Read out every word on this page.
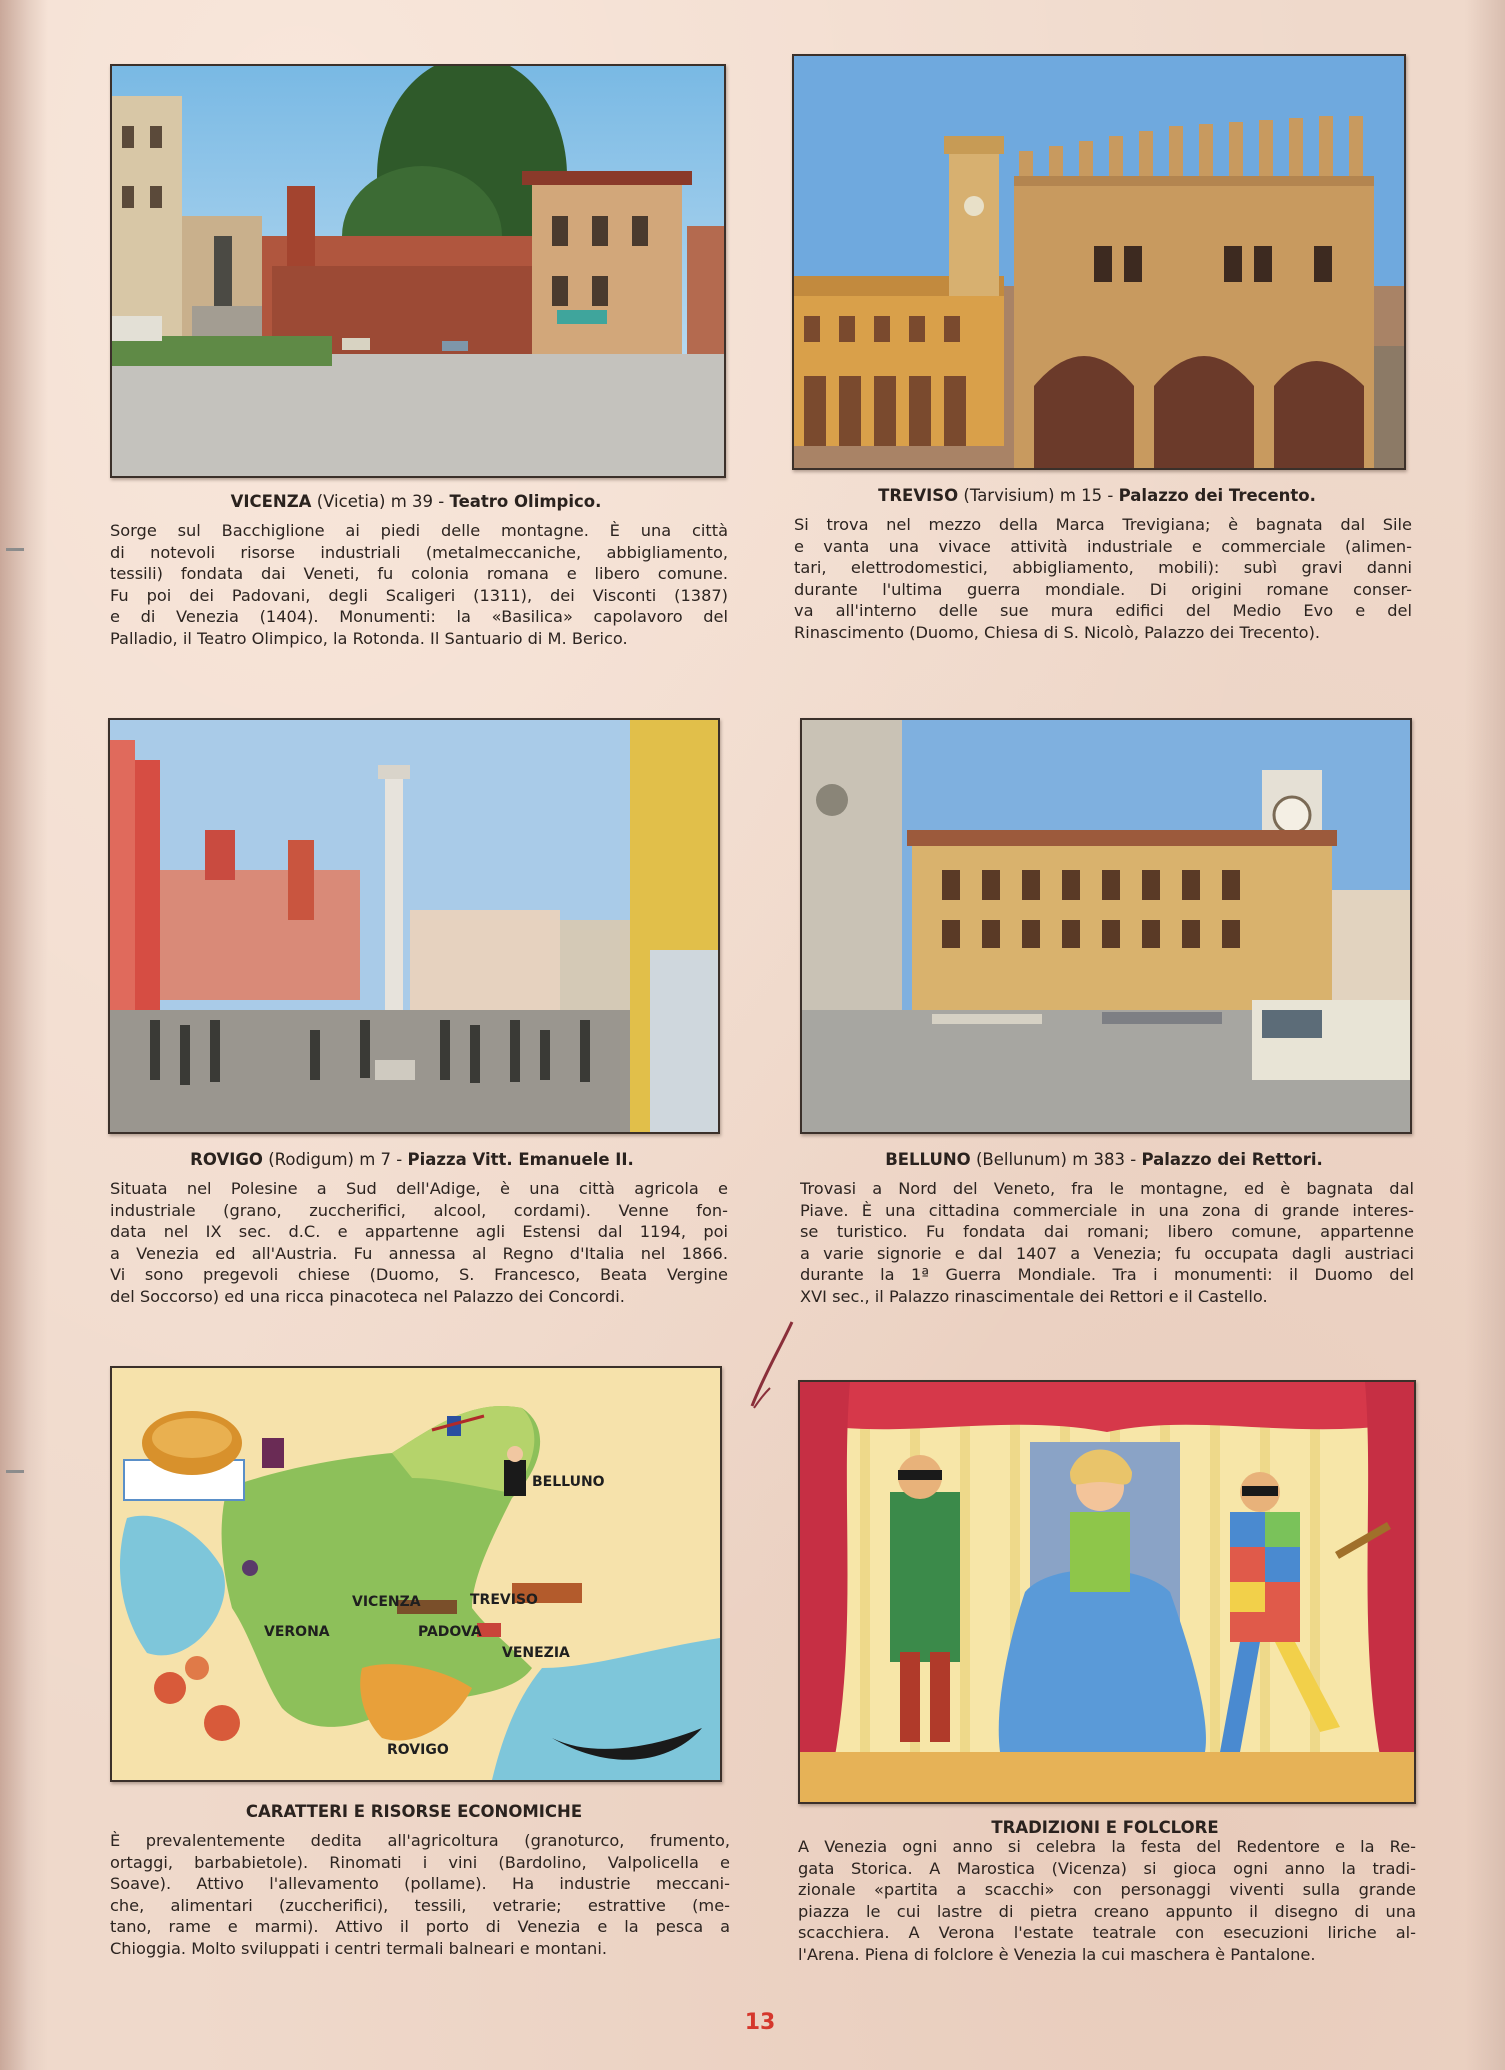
VICENZA (Vicetia) m 39 - Teatro Olimpico.
Sorge sul Bacchiglione ai piedi delle montagne. È una città
di notevoli risorse industriali (metalmeccaniche, abbigliamento,
tessili) fondata dai Veneti, fu colonia romana e libero comune.
Fu poi dei Padovani, degli Scaligeri (1311), dei Visconti (1387)
e di Venezia (1404). Monumenti: la «Basilica» capolavoro del
Palladio, il Teatro Olimpico, la Rotonda. Il Santuario di M. Berico.
TREVISO (Tarvisium) m 15 - Palazzo dei Trecento.
Si trova nel mezzo della Marca Trevigiana; è bagnata dal Sile
e vanta una vivace attività industriale e commerciale (alimen-
tari, elettrodomestici, abbigliamento, mobili): subì gravi danni
durante l'ultima guerra mondiale. Di origini romane conser-
va all'interno delle sue mura edifici del Medio Evo e del
Rinascimento (Duomo, Chiesa di S. Nicolò, Palazzo dei Trecento).
ROVIGO (Rodigum) m 7 - Piazza Vitt. Emanuele II.
Situata nel Polesine a Sud dell'Adige, è una città agricola e
industriale (grano, zuccherifici, alcool, cordami). Venne fon-
data nel IX sec. d.C. e appartenne agli Estensi dal 1194, poi
a Venezia ed all'Austria. Fu annessa al Regno d'Italia nel 1866.
Vi sono pregevoli chiese (Duomo, S. Francesco, Beata Vergine
del Soccorso) ed una ricca pinacoteca nel Palazzo dei Concordi.
BELLUNO (Bellunum) m 383 - Palazzo dei Rettori.
Trovasi a Nord del Veneto, fra le montagne, ed è bagnata dal
Piave. È una cittadina commerciale in una zona di grande interes-
se turistico. Fu fondata dai romani; libero comune, appartenne
a varie signorie e dal 1407 a Venezia; fu occupata dagli austriaci
durante la 1ª Guerra Mondiale. Tra i monumenti: il Duomo del
XVI sec., il Palazzo rinascimentale dei Rettori e il Castello.
BELLUNO
VICENZA	TREVISO
VERONA	PADOVA
VENEZIA
ROVIGO
CARATTERI E RISORSE ECONOMICHE
È prevalentemente dedita all'agricoltura (granoturco, frumento,
ortaggi, barbabietole). Rinomati i vini (Bardolino, Valpolicella e
Soave). Attivo l'allevamento (pollame). Ha industrie meccani-
che, alimentari (zuccherifici), tessili, vetrarie; estrattive (me-
tano, rame e marmi). Attivo il porto di Venezia e la pesca a
Chioggia. Molto sviluppati i centri termali balneari e montani.
TRADIZIONI E FOLCLORE
A Venezia ogni anno si celebra la festa del Redentore e la Re-
gata Storica. A Marostica (Vicenza) si gioca ogni anno la tradi-
zionale «partita a scacchi» con personaggi viventi sulla grande
piazza le cui lastre di pietra creano appunto il disegno di una
scacchiera. A Verona l'estate teatrale con esecuzioni liriche al-
l'Arena. Piena di folclore è Venezia la cui maschera è Pantalone.
13
